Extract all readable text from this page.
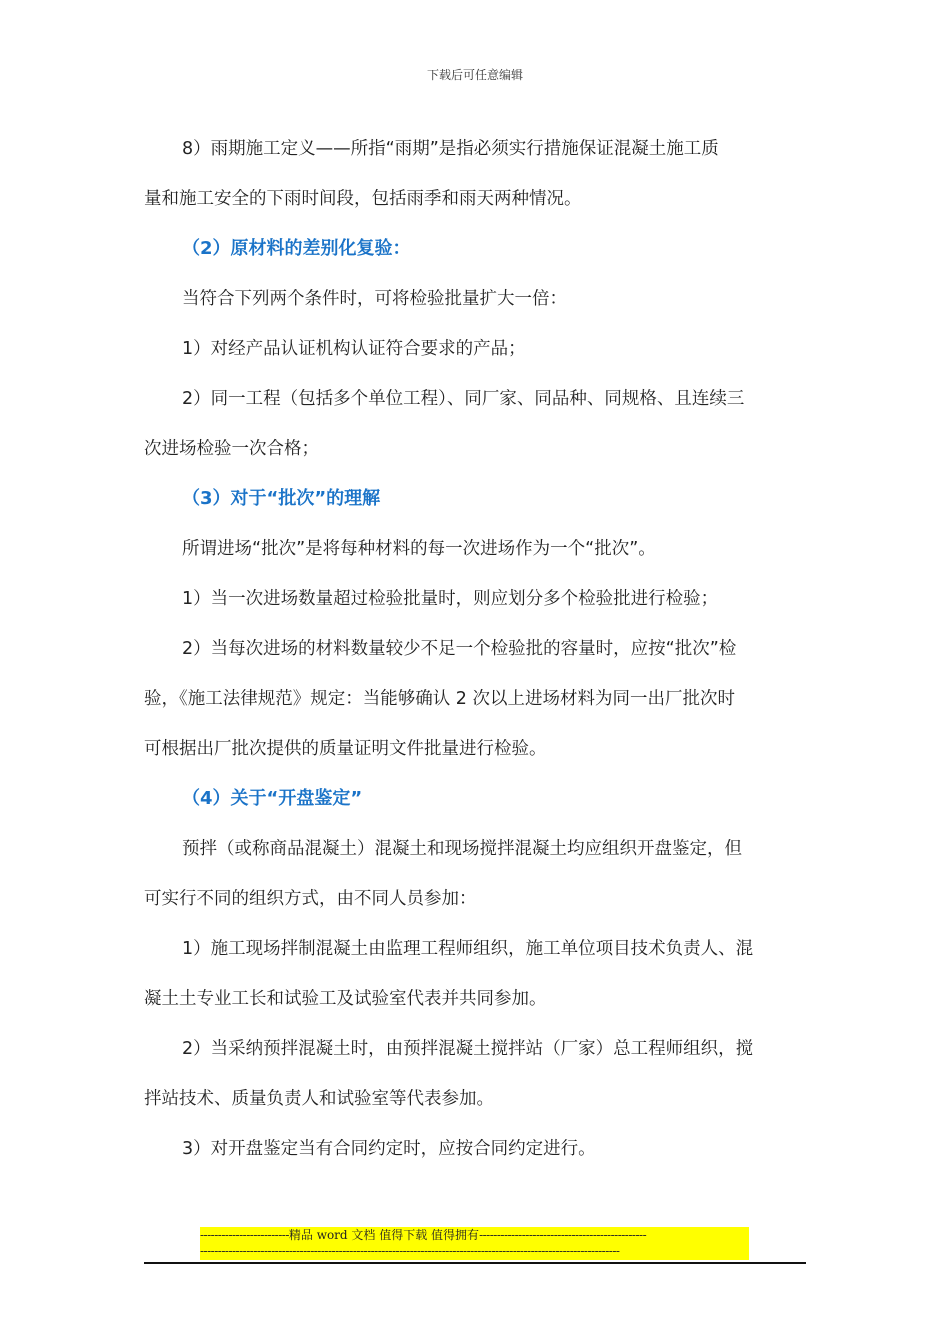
下载后可任意编辑

8）雨期施工定义——所指“雨期”是指必须实行措施保证混凝土施工质

量和施工安全的下雨时间段，包括雨季和雨天两种情况。

（2）原材料的差别化复验：

当符合下列两个条件时，可将检验批量扩大一倍：

1）对经产品认证机构认证符合要求的产品；

2）同一工程（包括多个单位工程）、同厂家、同品种、同规格、且连续三

次进场检验一次合格；

（3）对于“批次”的理解

所谓进场“批次”是将每种材料的每一次进场作为一个“批次”。

1）当一次进场数量超过检验批量时，则应划分多个检验批进行检验；

2）当每次进场的材料数量较少不足一个检验批的容量时，应按“批次”检

验，《施工法律规范》规定：当能够确认 2 次以上进场材料为同一出厂批次时

可根据出厂批次提供的质量证明文件批量进行检验。

（4）关于“开盘鉴定”

预拌（或称商品混凝土）混凝土和现场搅拌混凝土均应组织开盘鉴定，但

可实行不同的组织方式，由不同人员参加：

1）施工现场拌制混凝土由监理工程师组织，施工单位项目技术负责人、混

凝土土专业工长和试验工及试验室代表并共同参加。

2）当采纳预拌混凝土时，由预拌混凝土搅拌站（厂家）总工程师组织，搅

拌站技术、质量负责人和试验室等代表参加。

3）对开盘鉴定当有合同约定时，应按合同约定进行。

-------------------------精品 word 文档 值得下载 值得拥有-----------------------------------------------
----------------------------------------------------------------------------------------------------------------------
